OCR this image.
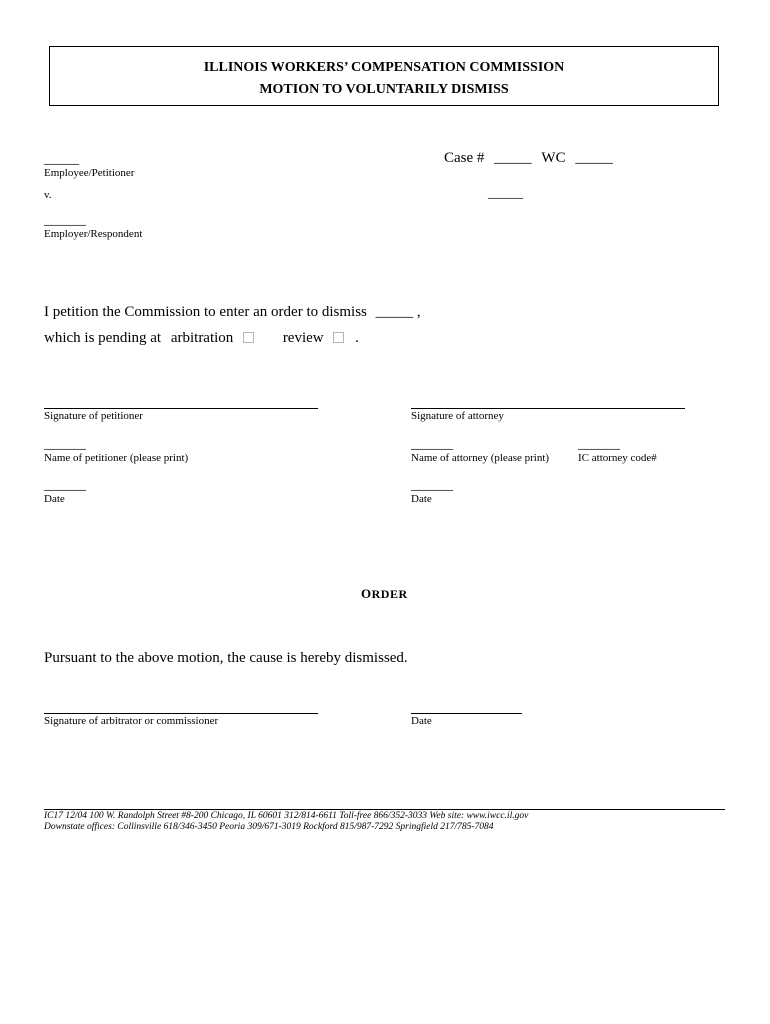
ILLINOIS WORKERS’ COMPENSATION COMMISSION
MOTION TO VOLUNTARILY DISMISS
_____
Employee/Petitioner
v.
______
Employer/Respondent
Case # _____ WC _____
_____
I petition the Commission to enter an order to dismiss _____ ,
which is pending at arbitration	review .
Signature of petitioner	Signature of attorney
______
Name of petitioner (please print)
______
Name of attorney (please print)
______
IC attorney code#
______
Date
______
Date
ORDER
Pursuant to the above motion, the cause is hereby dismissed.
Signature of arbitrator or commissioner	Date
IC17 12/04 100 W. Randolph Street #8-200 Chicago, IL 60601 312/814-6611 Toll-free 866/352-3033 Web site: www.iwcc.il.gov
Downstate offices: Collinsville 618/346-3450 Peoria 309/671-3019 Rockford 815/987-7292 Springfield 217/785-7084
